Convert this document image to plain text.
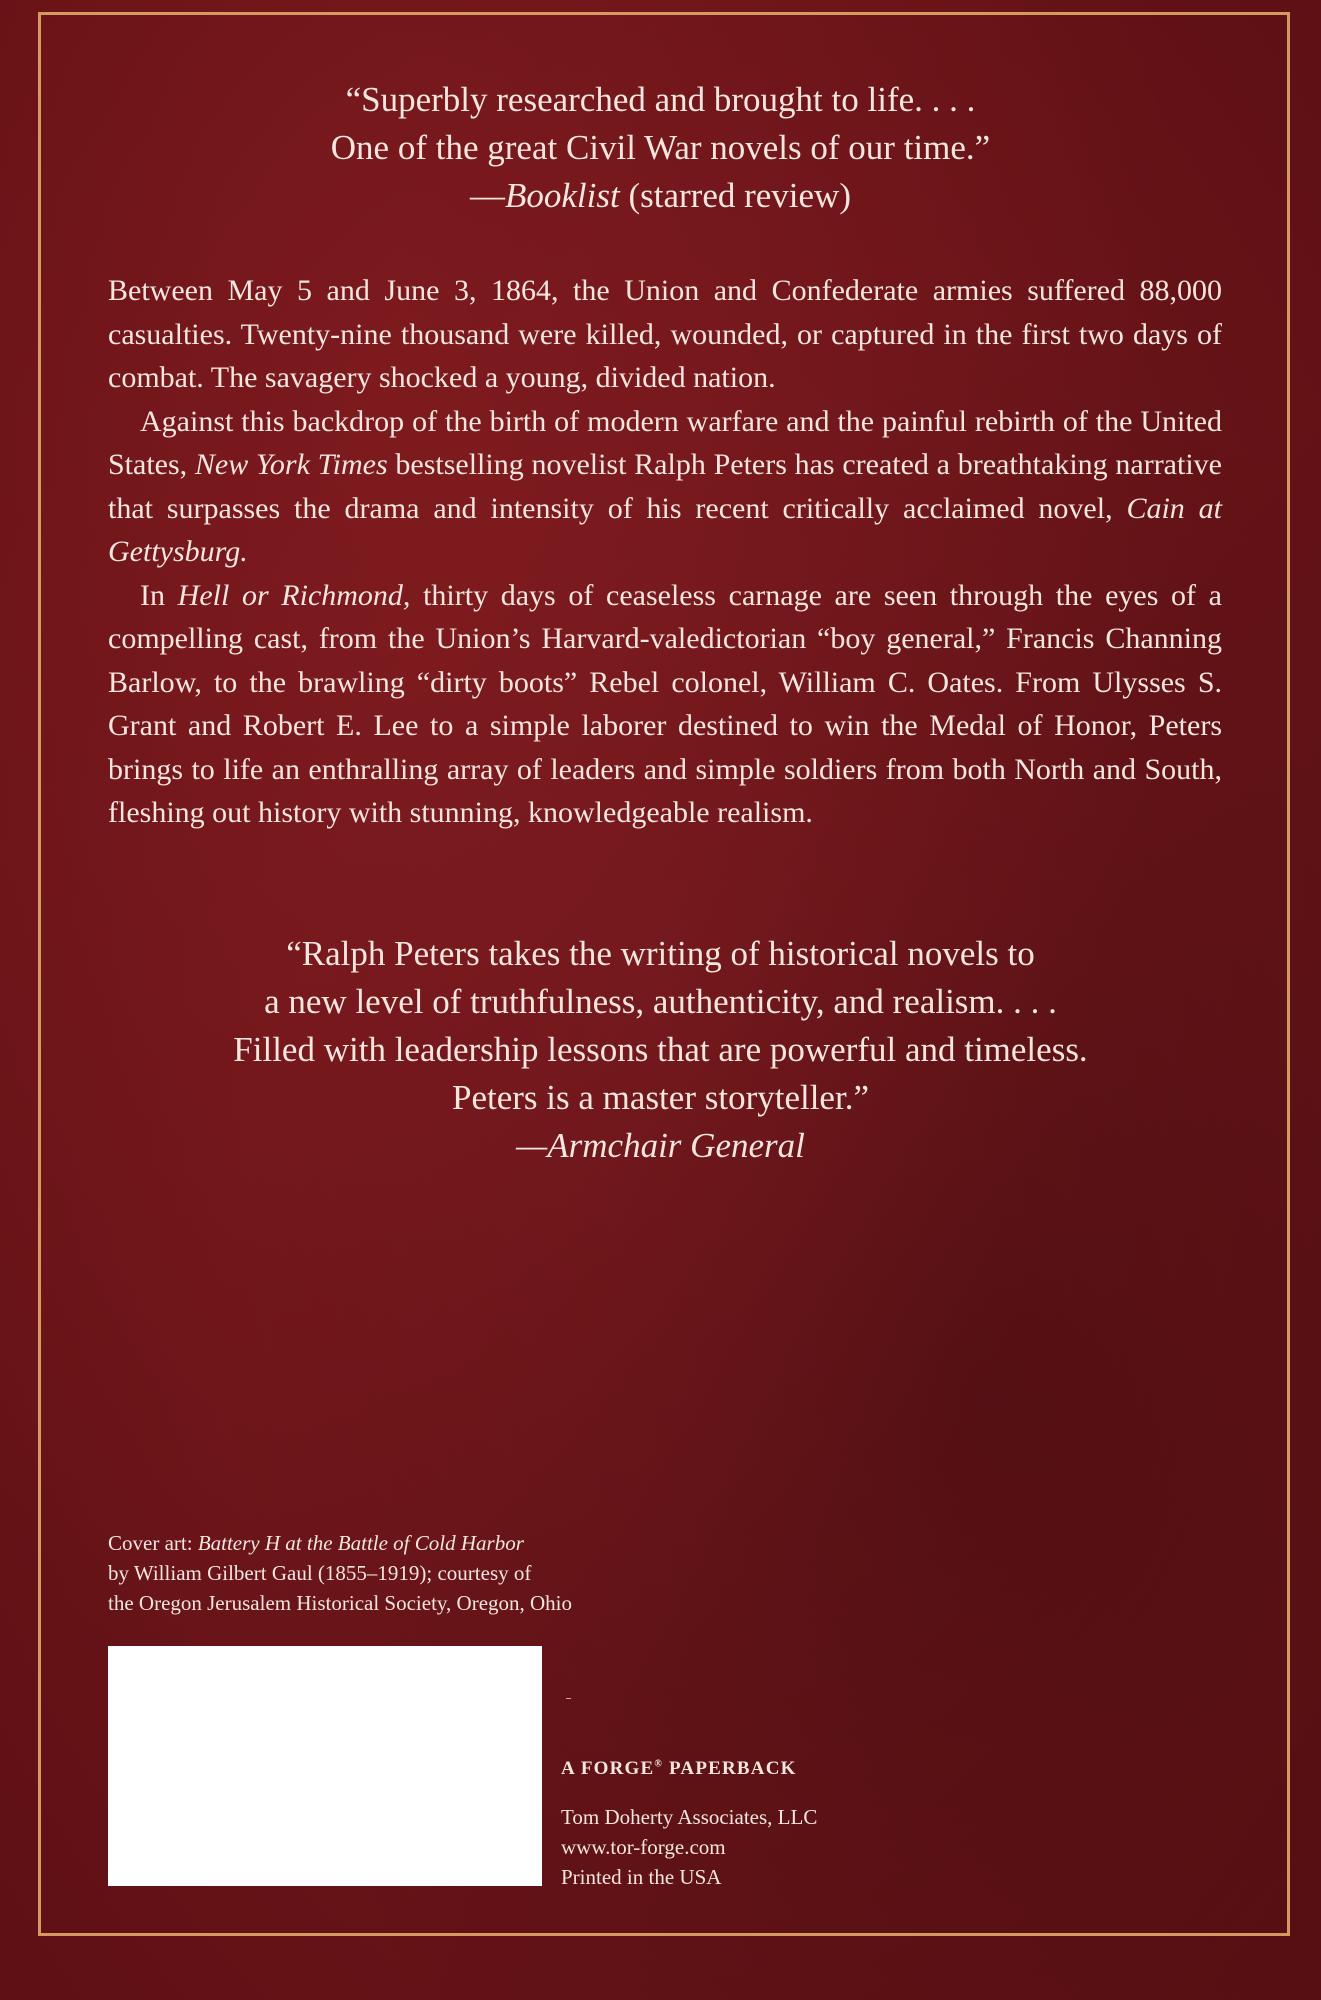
“Superbly researched and brought to life. . . .
One of the great Civil War novels of our time.”
—Booklist (starred review)

Between May 5 and June 3, 1864, the Union and Confederate armies suffered 88,000 casualties. Twenty-nine thousand were killed, wounded, or captured in the first two days of combat. The savagery shocked a young, divided nation.

Against this backdrop of the birth of modern warfare and the painful rebirth of the United States, New York Times bestselling novelist Ralph Peters has created a breathtaking narrative that surpasses the drama and intensity of his recent critically acclaimed novel, Cain at Gettysburg.

In Hell or Richmond, thirty days of ceaseless carnage are seen through the eyes of a compelling cast, from the Union’s Harvard-valedictorian “boy general,” Francis Channing Barlow, to the brawling “dirty boots” Rebel colonel, William C. Oates. From Ulysses S. Grant and Robert E. Lee to a simple laborer destined to win the Medal of Honor, Peters brings to life an enthralling array of leaders and simple soldiers from both North and South, fleshing out history with stunning, knowledgeable realism.

“Ralph Peters takes the writing of historical novels to
a new level of truthfulness, authenticity, and realism. . . .
Filled with leadership lessons that are powerful and timeless.
Peters is a master storyteller.”
—Armchair General
Cover art: Battery H at the Battle of Cold Harbor
by William Gilbert Gaul (1855–1919); courtesy of
the Oregon Jerusalem Historical Society, Oregon, Ohio
A FORGE® PAPERBACK
Tom Doherty Associates, LLC
www.tor-forge.com
Printed in the USA
